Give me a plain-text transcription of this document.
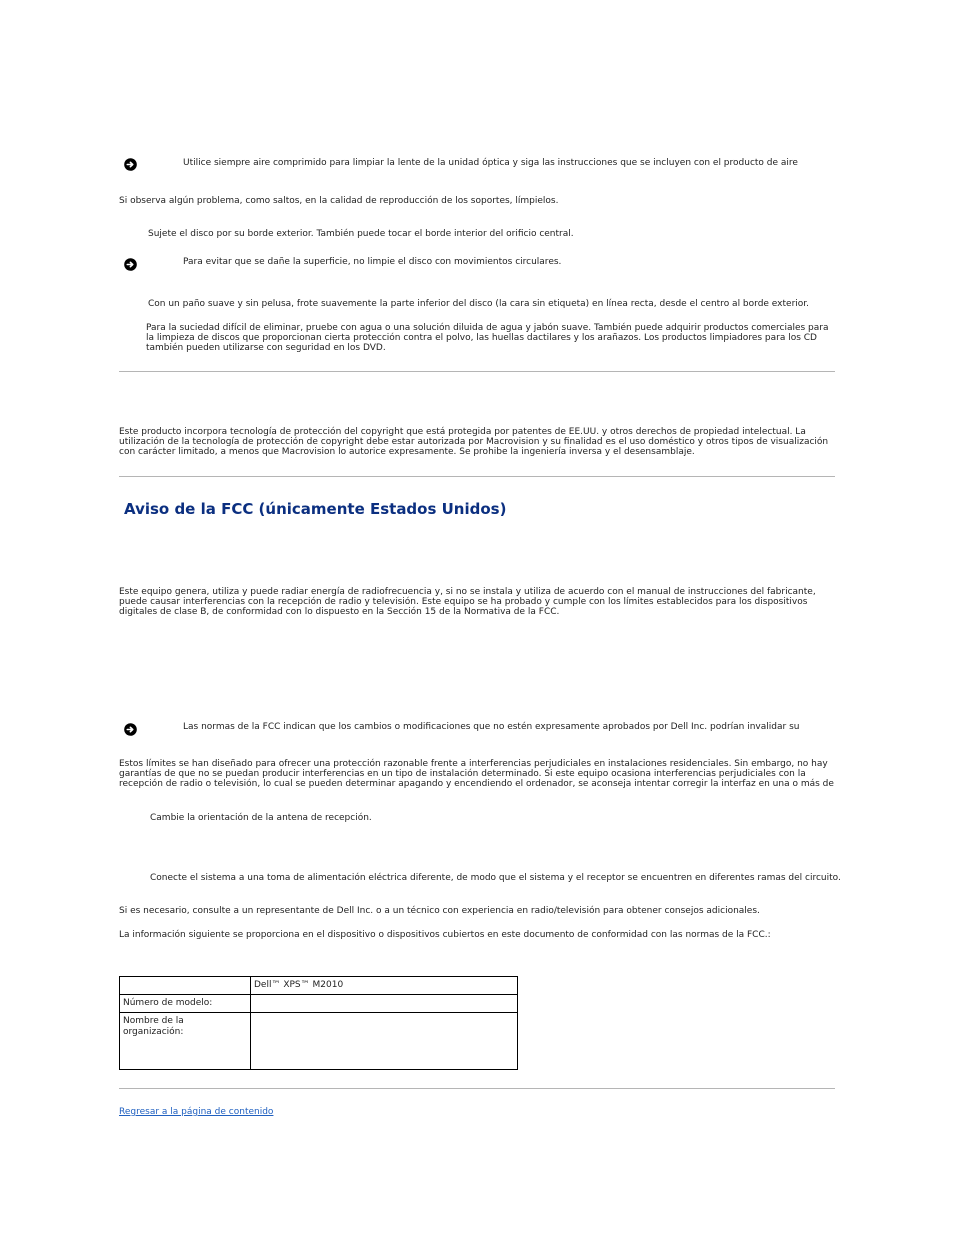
Utilice siempre aire comprimido para limpiar la lente de la unidad óptica y siga las instrucciones que se incluyen con el producto de aire
Si observa algún problema, como saltos, en la calidad de reproducción de los soportes, límpielos.
Sujete el disco por su borde exterior. También puede tocar el borde interior del orificio central.
Para evitar que se dañe la superficie, no limpie el disco con movimientos circulares.
Con un paño suave y sin pelusa, frote suavemente la parte inferior del disco (la cara sin etiqueta) en línea recta, desde el centro al borde exterior.
Para la suciedad difícil de eliminar, pruebe con agua o una solución diluida de agua y jabón suave. También puede adquirir productos comerciales para la limpieza de discos que proporcionan cierta protección contra el polvo, las huellas dactilares y los arañazos. Los productos limpiadores para los CD también pueden utilizarse con seguridad en los DVD.
Este producto incorpora tecnología de protección del copyright que está protegida por patentes de EE.UU. y otros derechos de propiedad intelectual. La utilización de la tecnología de protección de copyright debe estar autorizada por Macrovision y su finalidad es el uso doméstico y otros tipos de visualización con carácter limitado, a menos que Macrovision lo autorice expresamente. Se prohibe la ingeniería inversa y el desensamblaje.
Aviso de la FCC (únicamente Estados Unidos)
Este equipo genera, utiliza y puede radiar energía de radiofrecuencia y, si no se instala y utiliza de acuerdo con el manual de instrucciones del fabricante, puede causar interferencias con la recepción de radio y televisión. Este equipo se ha probado y cumple con los límites establecidos para los dispositivos digitales de clase B, de conformidad con lo dispuesto en la Sección 15 de la Normativa de la FCC.
Las normas de la FCC indican que los cambios o modificaciones que no estén expresamente aprobados por Dell Inc. podrían invalidar su
Estos límites se han diseñado para ofrecer una protección razonable frente a interferencias perjudiciales en instalaciones residenciales. Sin embargo, no hay garantías de que no se puedan producir interferencias en un tipo de instalación determinado. Si este equipo ocasiona interferencias perjudiciales con la recepción de radio o televisión, lo cual se pueden determinar apagando y encendiendo el ordenador, se aconseja intentar corregir la interfaz en una o más de
Cambie la orientación de la antena de recepción.
Conecte el sistema a una toma de alimentación eléctrica diferente, de modo que el sistema y el receptor se encuentren en diferentes ramas del circuito.
Si es necesario, consulte a un representante de Dell Inc. o a un técnico con experiencia en radio/televisión para obtener consejos adicionales.
La información siguiente se proporciona en el dispositivo o dispositivos cubiertos en este documento de conformidad con las normas de la FCC.:
	Dell™ XPS™ M2010
Número de modelo:	
Nombre de la organización:	
Regresar a la página de contenido
